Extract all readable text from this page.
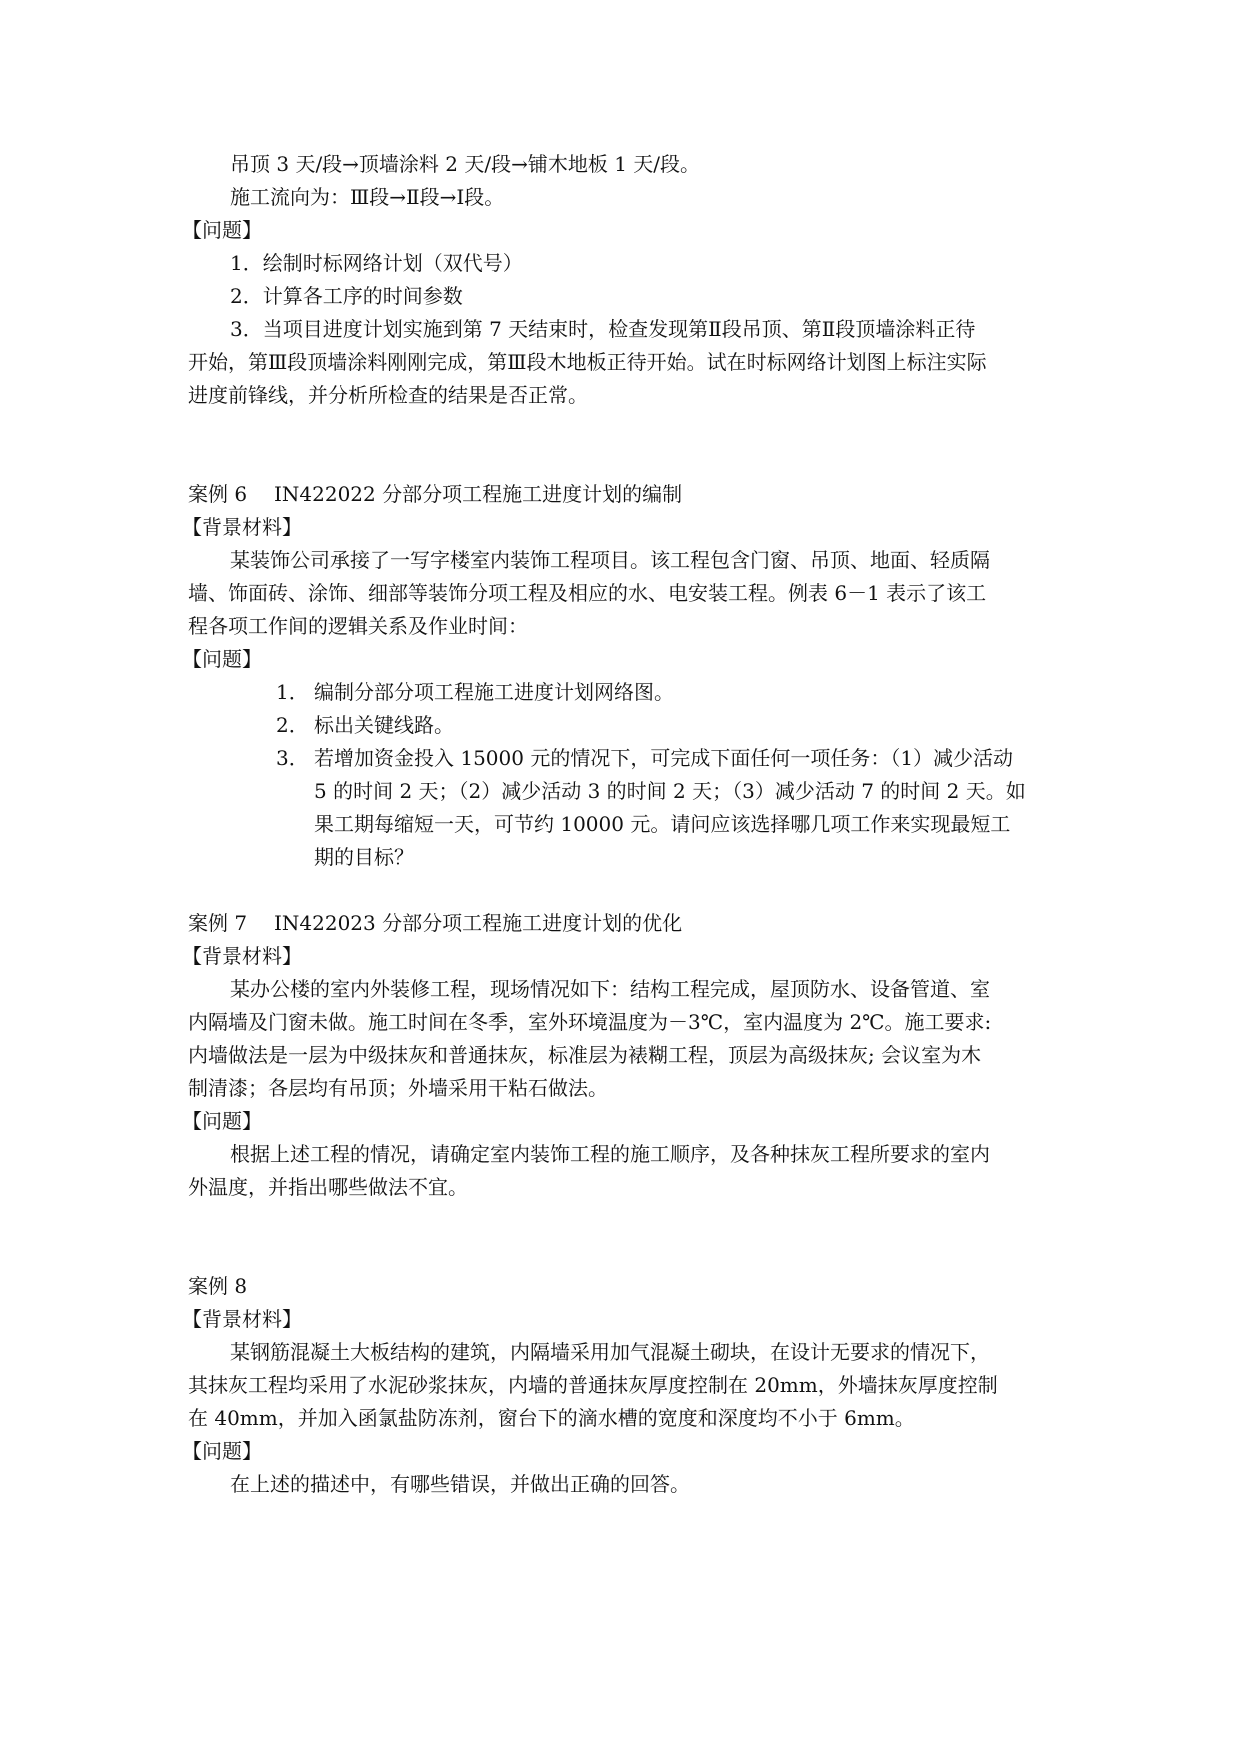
吊顶 3 天/段→顶墙涂料 2 天/段→铺木地板 1 天/段。
施工流向为：Ⅲ段→Ⅱ段→Ⅰ段。
【问题】
1．绘制时标网络计划（双代号）
2．计算各工序的时间参数
3．当项目进度计划实施到第 7 天结束时，检查发现第Ⅱ段吊顶、第Ⅱ段顶墙涂料正待
开始，第Ⅲ段顶墙涂料刚刚完成，第Ⅲ段木地板正待开始。试在时标网络计划图上标注实际
进度前锋线，并分析所检查的结果是否正常。
案例 6 IN422022 分部分项工程施工进度计划的编制
【背景材料】
某装饰公司承接了一写字楼室内装饰工程项目。该工程包含门窗、吊顶、地面、轻质隔
墙、饰面砖、涂饰、细部等装饰分项工程及相应的水、电安装工程。例表 6－1 表示了该工
程各项工作间的逻辑关系及作业时间：
【问题】
1． 编制分部分项工程施工进度计划网络图。
2． 标出关键线路。
3． 若增加资金投入 15000 元的情况下，可完成下面任何一项任务：（1）减少活动
5 的时间 2 天；（2）减少活动 3 的时间 2 天；（3）减少活动 7 的时间 2 天。如
果工期每缩短一天，可节约 10000 元。请问应该选择哪几项工作来实现最短工
期的目标？
案例 7 IN422023 分部分项工程施工进度计划的优化
【背景材料】
某办公楼的室内外装修工程，现场情况如下：结构工程完成，屋顶防水、设备管道、室
内隔墙及门窗未做。施工时间在冬季，室外环境温度为－3℃，室内温度为 2℃。施工要求:
内墙做法是一层为中级抹灰和普通抹灰，标准层为裱糊工程，顶层为高级抹灰; 会议室为木
制清漆；各层均有吊顶；外墙采用干粘石做法。
【问题】
根据上述工程的情况，请确定室内装饰工程的施工顺序，及各种抹灰工程所要求的室内
外温度，并指出哪些做法不宜。
案例 8
【背景材料】
某钢筋混凝土大板结构的建筑，内隔墙采用加气混凝土砌块，在设计无要求的情况下，
其抹灰工程均采用了水泥砂浆抹灰，内墙的普通抹灰厚度控制在 20mm，外墙抹灰厚度控制
在 40mm，并加入函氯盐防冻剂，窗台下的滴水槽的宽度和深度均不小于 6mm。
【问题】
在上述的描述中，有哪些错误，并做出正确的回答。
